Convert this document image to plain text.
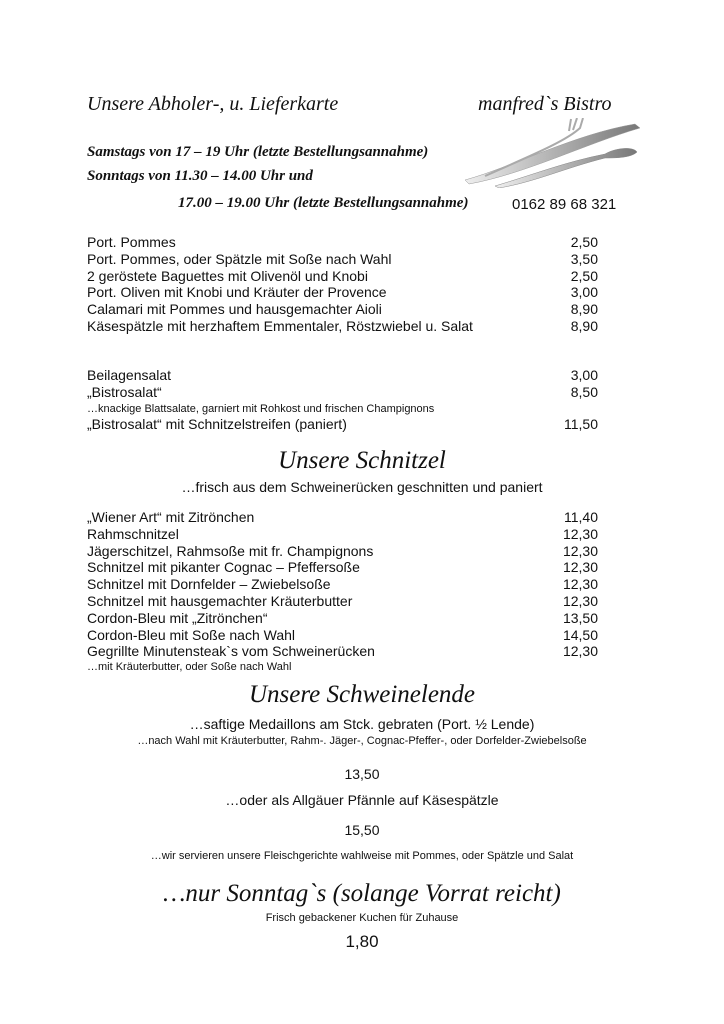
Unsere Abholer-, u. Lieferkarte	manfred`s Bistro
Samstags von 17 – 19 Uhr (letzte Bestellungsannahme)
Sonntags von 11.30 – 14.00 Uhr und
17.00 – 19.00 Uhr (letzte Bestellungsannahme)	0162 89 68 321
Port. Pommes	2,50
Port. Pommes, oder Spätzle mit Soße nach Wahl	3,50
2 geröstete Baguettes mit Olivenöl und Knobi	2,50
Port. Oliven mit Knobi und Kräuter der Provence	3,00
Calamari mit Pommes und hausgemachter Aioli	8,90
Käsespätzle mit herzhaftem Emmentaler, Röstzwiebel u. Salat	8,90
Beilagensalat	3,00
„Bistrosalat“	8,50
…knackige Blattsalate, garniert mit Rohkost und frischen Champignons
„Bistrosalat“ mit Schnitzelstreifen (paniert)	11,50
Unsere Schnitzel
…frisch aus dem Schweinerücken geschnitten und paniert
„Wiener Art“ mit Zitrönchen	11,40
Rahmschnitzel	12,30
Jägerschitzel, Rahmsoße mit fr. Champignons	12,30
Schnitzel mit pikanter Cognac – Pfeffersoße	12,30
Schnitzel mit Dornfelder – Zwiebelsoße	12,30
Schnitzel mit hausgemachter Kräuterbutter	12,30
Cordon-Bleu mit „Zitrönchen“	13,50
Cordon-Bleu mit Soße nach Wahl	14,50
Gegrillte Minutensteak`s vom Schweinerücken	12,30
…mit Kräuterbutter, oder Soße nach Wahl
Unsere Schweinelende
…saftige Medaillons am Stck. gebraten (Port. ½ Lende)
…nach Wahl mit Kräuterbutter, Rahm-. Jäger-, Cognac-Pfeffer-, oder Dorfelder-Zwiebelsoße
13,50
…oder als Allgäuer Pfännle auf Käsespätzle
15,50
…wir servieren unsere Fleischgerichte wahlweise mit Pommes, oder Spätzle und Salat
…nur Sonntag`s (solange Vorrat reicht)
Frisch gebackener Kuchen für Zuhause
1,80
